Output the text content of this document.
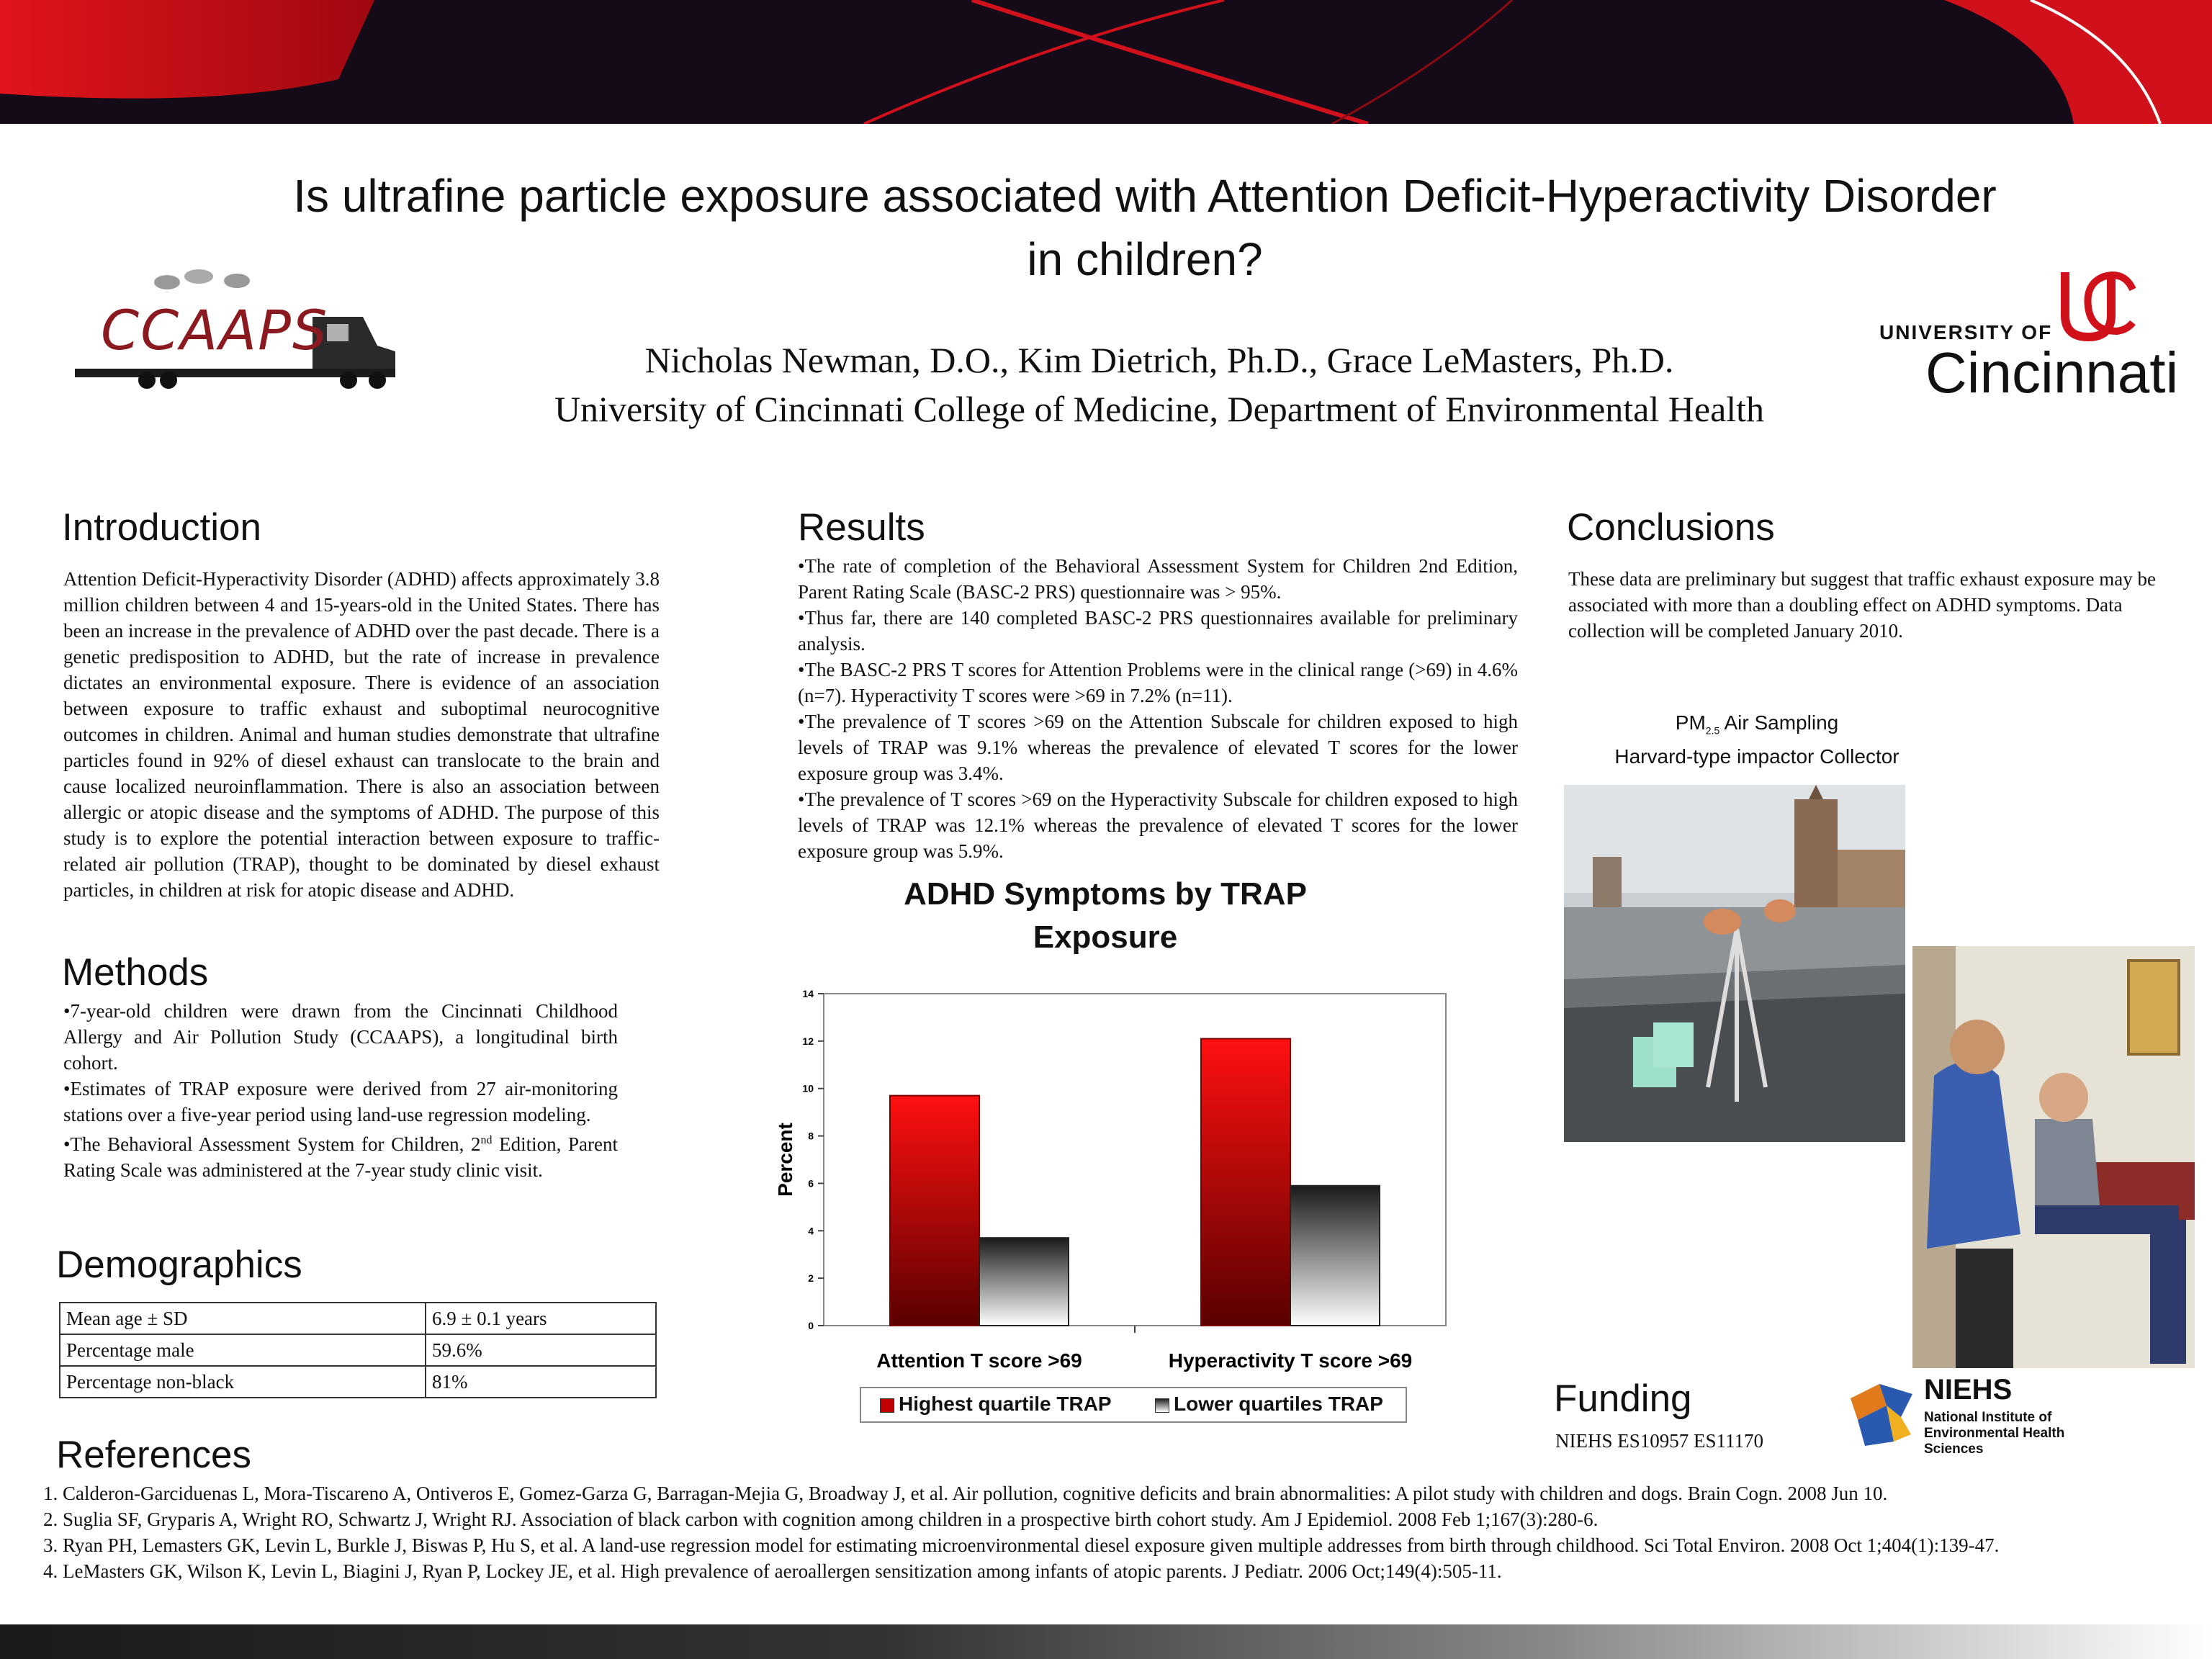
Is ultrafine particle exposure associated with Attention Deficit-Hyperactivity Disorder in children?
Nicholas Newman, D.O., Kim Dietrich, Ph.D., Grace LeMasters, Ph.D.
University of Cincinnati College of Medicine, Department of Environmental Health
CCAAPS	UNIVERSITY OF
Cincinnati
Introduction
Attention Deficit-Hyperactivity Disorder (ADHD) affects approximately 3.8 million children between 4 and 15-years-old in the United States. There has been an increase in the prevalence of ADHD over the past decade. There is a genetic predisposition to ADHD, but the rate of increase in prevalence dictates an environmental exposure. There is evidence of an association between exposure to traffic exhaust and suboptimal neurocognitive outcomes in children. Animal and human studies demonstrate that ultrafine particles found in 92% of diesel exhaust can translocate to the brain and cause localized neuroinflammation. There is also an association between allergic or atopic disease and the symptoms of ADHD. The purpose of this study is to explore the potential interaction between exposure to traffic-related air pollution (TRAP), thought to be dominated by diesel exhaust particles, in children at risk for atopic disease and ADHD.
Methods

•7-year-old children were drawn from the Cincinnati Childhood Allergy and Air Pollution Study (CCAAPS), a longitudinal birth cohort.

•Estimates of TRAP exposure were derived from 27 air-monitoring stations over a five-year period using land-use regression modeling.

•The Behavioral Assessment System for Children, 2nd Edition, Parent Rating Scale was administered at the 7-year study clinic visit.

Demographics
Mean age ± SD	6.9 ± 0.1 years
Percentage male	59.6%
Percentage non-black	81%
Results

•The rate of completion of the Behavioral Assessment System for Children 2nd Edition, Parent Rating Scale (BASC-2 PRS) questionnaire was > 95%.

•Thus far, there are 140 completed BASC-2 PRS questionnaires available for preliminary analysis.

•The BASC-2 PRS T scores for Attention Problems were in the clinical range (>69) in 4.6% (n=7). Hyperactivity T scores were >69 in 7.2% (n=11).

•The prevalence of T scores >69 on the Attention Subscale for children exposed to high levels of TRAP was 9.1% whereas the prevalence of elevated T scores for the lower exposure group was 3.4%.

•The prevalence of T scores >69 on the Hyperactivity Subscale for children exposed to high levels of TRAP was 12.1% whereas the prevalence of elevated T scores for the lower exposure group was 5.9%.

ADHD Symptoms by TRAP Exposure
0
2
4
6
8
10
12
14
Percent
Attention T score >69	Hyperactivity T score >69
Highest quartile TRAP	Lower quartiles TRAP
Conclusions
These data are preliminary but suggest that traffic exhaust exposure may be associated with more than a doubling effect on ADHD symptoms. Data collection will be completed January 2010.
$PM_{2.5}$ Air Sampling
Harvard-type impactor Collector
Funding
NIEHS ES10957 ES11170
NIEHS
National Institute of
Environmental Health Sciences
References
1. Calderon-Garciduenas L, Mora-Tiscareno A, Ontiveros E, Gomez-Garza G, Barragan-Mejia G, Broadway J, et al. Air pollution, cognitive deficits and brain abnormalities: A pilot study with children and dogs. Brain Cogn. 2008 Jun 10.
2. Suglia SF, Gryparis A, Wright RO, Schwartz J, Wright RJ. Association of black carbon with cognition among children in a prospective birth cohort study. Am J Epidemiol. 2008 Feb 1;167(3):280-6.
3. Ryan PH, Lemasters GK, Levin L, Burkle J, Biswas P, Hu S, et al. A land-use regression model for estimating microenvironmental diesel exposure given multiple addresses from birth through childhood. Sci Total Environ. 2008 Oct 1;404(1):139-47.
4. LeMasters GK, Wilson K, Levin L, Biagini J, Ryan P, Lockey JE, et al. High prevalence of aeroallergen sensitization among infants of atopic parents. J Pediatr. 2006 Oct;149(4):505-11.
